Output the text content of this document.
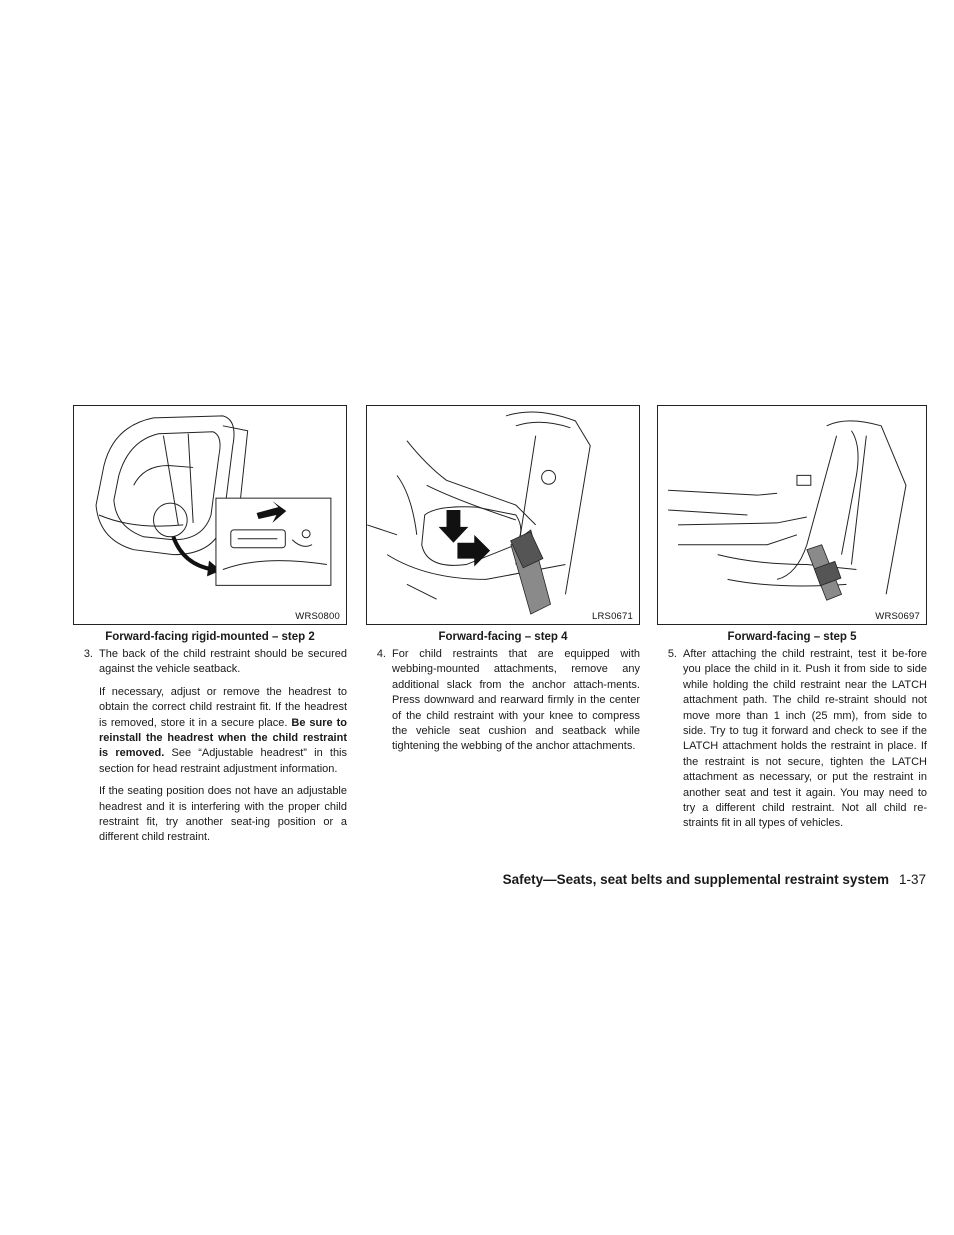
WRS0800
Forward-facing rigid-mounted – step 2
3. The back of the child restraint should be secured against the vehicle seatback.
If necessary, adjust or remove the headrest to obtain the correct child restraint fit. If the headrest is removed, store it in a secure place. Be sure to reinstall the headrest when the child restraint is removed. See “Adjustable headrest” in this section for head restraint adjustment information.
If the seating position does not have an adjustable headrest and it is interfering with the proper child restraint fit, try another seat-ing position or a different child restraint.
LRS0671
Forward-facing – step 4
4. For child restraints that are equipped with webbing-mounted attachments, remove any additional slack from the anchor attach-ments. Press downward and rearward firmly in the center of the child restraint with your knee to compress the vehicle seat cushion and seatback while tightening the webbing of the anchor attachments.
WRS0697
Forward-facing – step 5
5. After attaching the child restraint, test it be-fore you place the child in it. Push it from side to side while holding the child restraint near the LATCH attachment path. The child re-straint should not move more than 1 inch (25 mm), from side to side. Try to tug it forward and check to see if the LATCH attachment holds the restraint in place. If the restraint is not secure, tighten the LATCH attachment as necessary, or put the restraint in another seat and test it again. You may need to try a different child restraint. Not all child re-straints fit in all types of vehicles.
Safety—Seats, seat belts and supplemental restraint system 1-37
